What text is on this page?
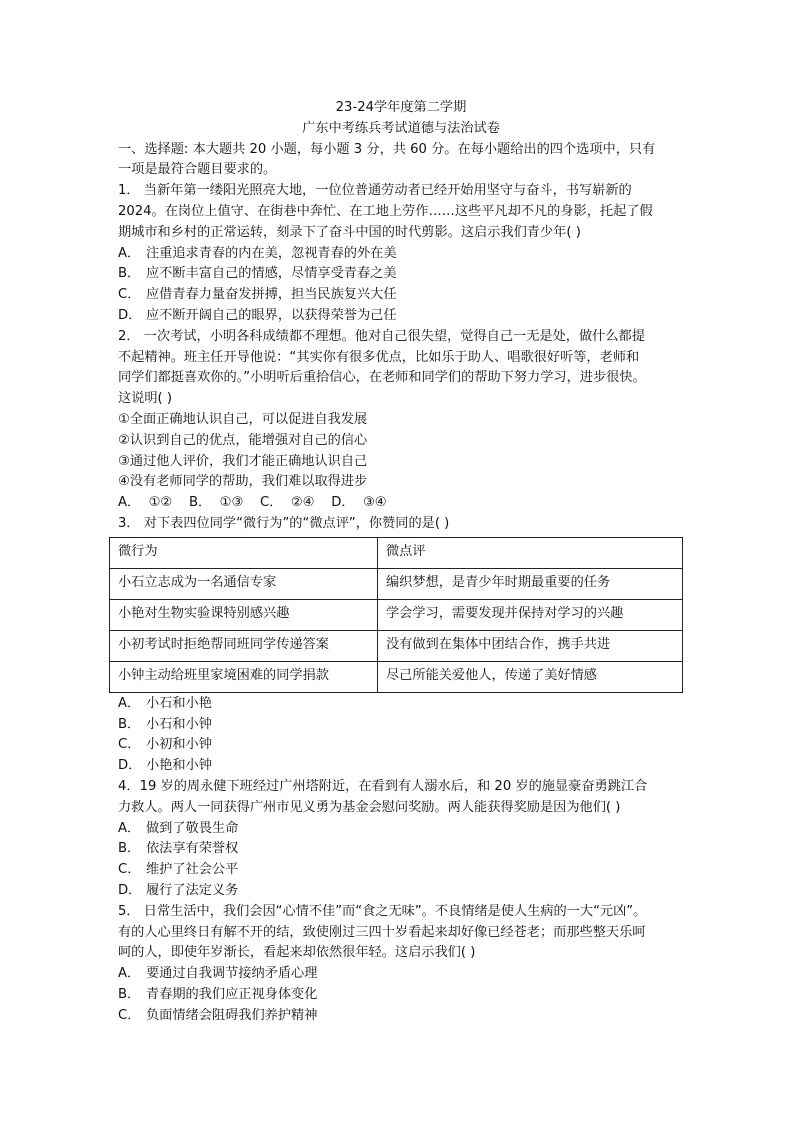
23-24学年度第二学期
广东中考练兵考试道德与法治试卷
一、选择题: 本大题共 20 小题，每小题 3 分，共 60 分。在每小题给出的四个选项中，只有
一项是最符合题目要求的。
1． 当新年第一缕阳光照亮大地，一位位普通劳动者已经开始用坚守与奋斗，书写崭新的
2024。在岗位上值守、在街巷中奔忙、在工地上劳作……这些平凡却不凡的身影，托起了假
期城市和乡村的正常运转，刻录下了奋斗中国的时代剪影。这启示我们青少年( )
A． 注重追求青春的内在美，忽视青春的外在美
B． 应不断丰富自己的情感，尽情享受青春之美
C． 应借青春力量奋发拼搏，担当民族复兴大任
D． 应不断开阔自己的眼界，以获得荣誉为己任
2． 一次考试，小明各科成绩都不理想。他对自己很失望，觉得自己一无是处，做什么都提
不起精神。班主任开导他说：“其实你有很多优点，比如乐于助人、唱歌很好听等，老师和
同学们都挺喜欢你的。”小明听后重拾信心，在老师和同学们的帮助下努力学习，进步很快。
这说明( )
①全面正确地认识自己，可以促进自我发展
②认识到自己的优点，能增强对自己的信心
③通过他人评价，我们才能正确地认识自己
④没有老师同学的帮助，我们难以取得进步
A．  ①②    B．  ①③    C．  ②④    D．  ③④
3． 对下表四位同学“微行为”的“微点评”，你赞同的是( )
微行为	微点评
小石立志成为一名通信专家	编织梦想，是青少年时期最重要的任务
小艳对生物实验课特别感兴趣	学会学习，需要发现并保持对学习的兴趣
小初考试时拒绝帮同班同学传递答案	没有做到在集体中团结合作，携手共进
小钟主动给班里家境困难的同学捐款	尽己所能关爱他人，传递了美好情感
A． 小石和小艳
B． 小石和小钟
C． 小初和小钟
D． 小艳和小钟
4．19 岁的周永健下班经过广州塔附近，在看到有人溺水后，和 20 岁的施显豪奋勇跳江合
力救人。两人一同获得广州市见义勇为基金会慰问奖励。两人能获得奖励是因为他们( )
A． 做到了敬畏生命
B． 依法享有荣誉权
C． 维护了社会公平
D． 履行了法定义务
5． 日常生活中，我们会因“心情不佳”而“食之无味”。不良情绪是使人生病的一大“元凶”。
有的人心里终日有解不开的结，致使刚过三四十岁看起来却好像已经苍老；而那些整天乐呵
呵的人，即使年岁渐长，看起来却依然很年轻。这启示我们( )
A． 要通过自我调节接纳矛盾心理
B． 青春期的我们应正视身体变化
C． 负面情绪会阻碍我们养护精神
